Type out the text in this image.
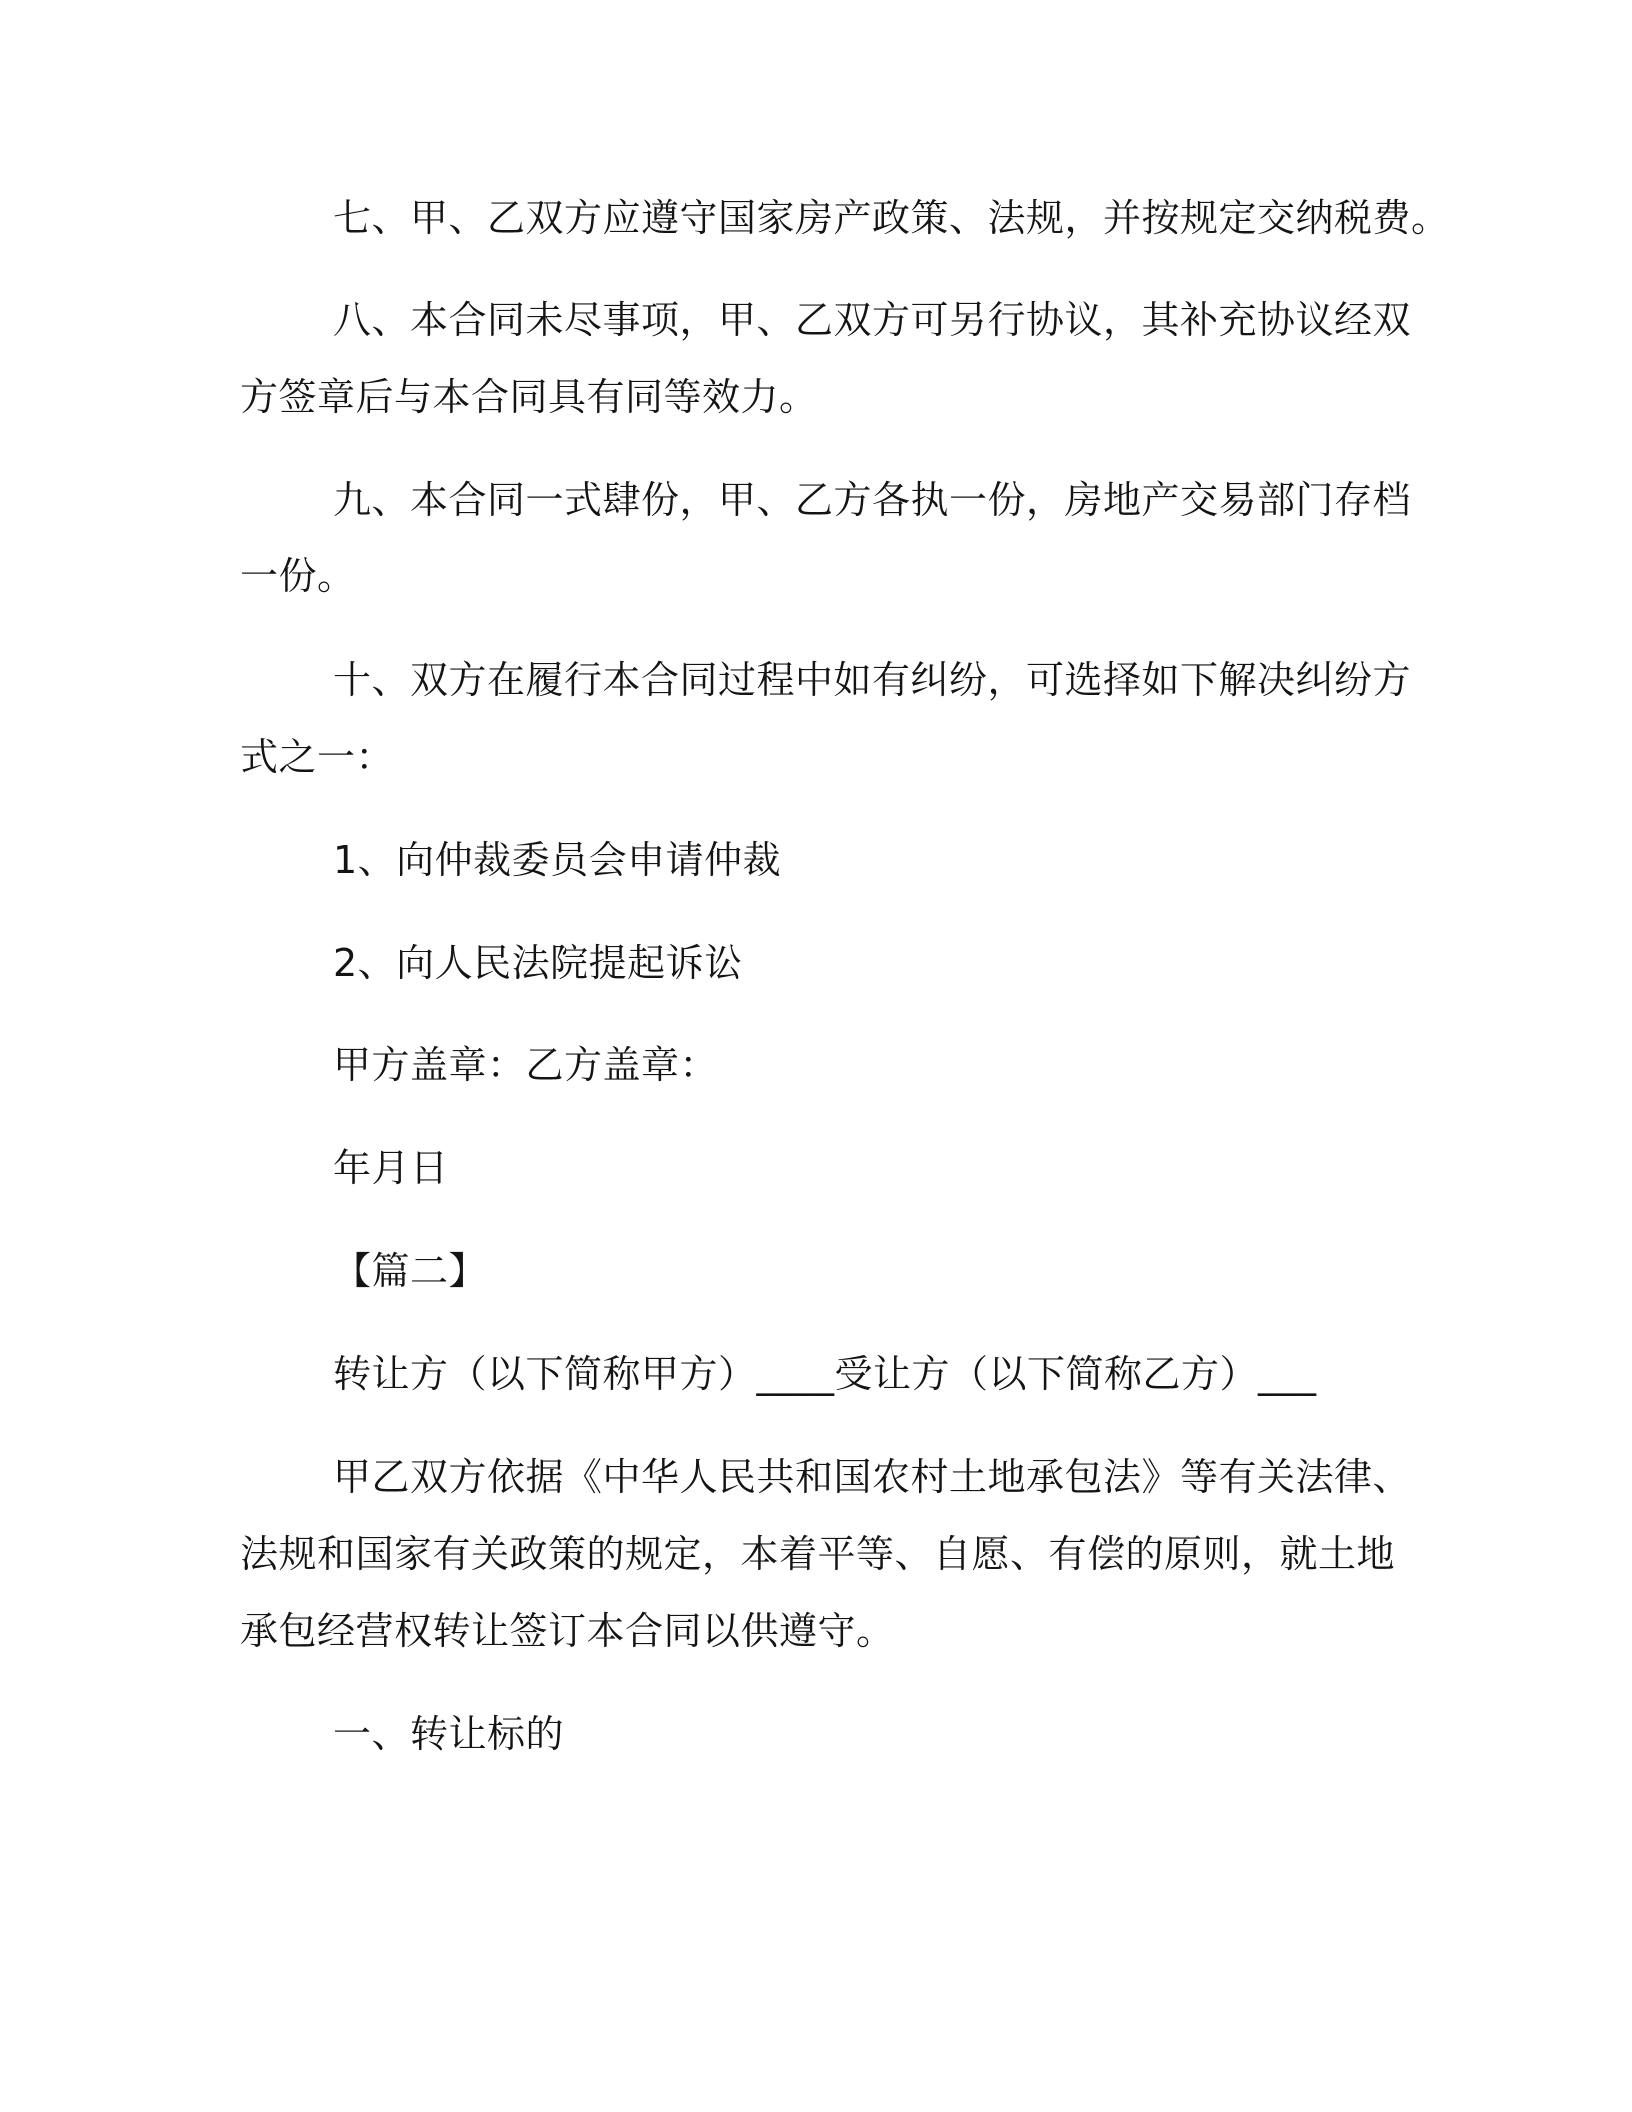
七、甲、乙双方应遵守国家房产政策、法规，并按规定交纳税费。
八、本合同未尽事项，甲、乙双方可另行协议，其补充协议经双
方签章后与本合同具有同等效力。
九、本合同一式肆份，甲、乙方各执一份，房地产交易部门存档
一份。
十、双方在履行本合同过程中如有纠纷，可选择如下解决纠纷方
式之一：
1、向仲裁委员会申请仲裁
2、向人民法院提起诉讼
甲方盖章：乙方盖章：
年月日
【篇二】
转让方（以下简称甲方）____受让方（以下简称乙方）___
甲乙双方依据《中华人民共和国农村土地承包法》等有关法律、
法规和国家有关政策的规定，本着平等、自愿、有偿的原则，就土地
承包经营权转让签订本合同以供遵守。
一、转让标的
